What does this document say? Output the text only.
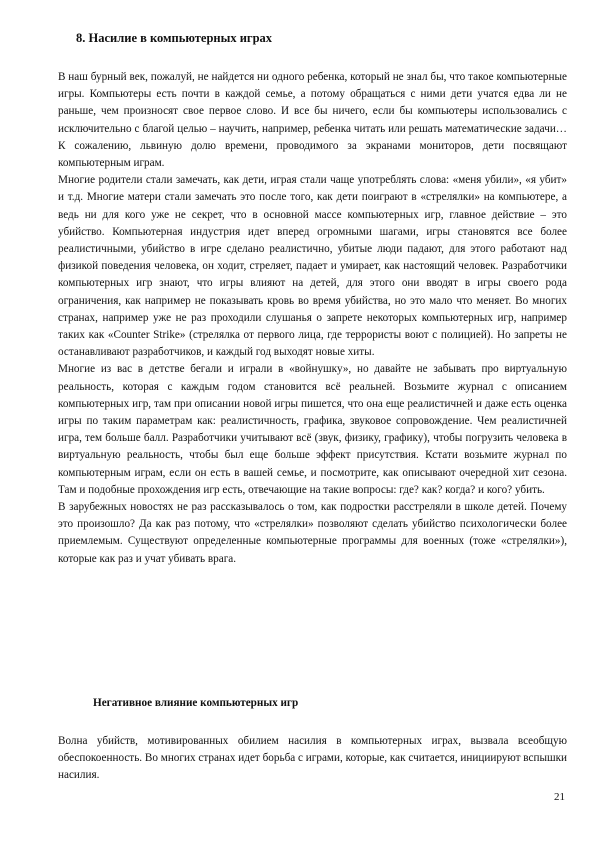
8. Насилие в компьютерных играх
В наш бурный век, пожалуй, не найдется ни одного ребенка, который не знал бы, что такое компьютерные игры. Компьютеры есть почти в каждой семье, а потому обращаться с ними дети учатся едва ли не раньше, чем произносят свое первое слово. И все бы ничего, если бы компьютеры использовались с исключительно с благой целью – научить, например, ребенка читать или решать математические задачи…К сожалению, львиную долю времени, проводимого за экранами мониторов, дети посвящают компьютерным играм.
Многие родители стали замечать, как дети, играя стали чаще употреблять слова: «меня убили», «я убит» и т.д. Многие матери стали замечать это после того, как дети поиграют в «стрелялки» на компьютере, а ведь ни для кого уже не секрет, что в основной массе компьютерных игр, главное действие – это убийство. Компьютерная индустрия идет вперед огромными шагами, игры становятся все более реалистичными, убийство в игре сделано реалистично, убитые люди падают, для этого работают над физикой поведения человека, он ходит, стреляет, падает и умирает, как настоящий человек. Разработчики компьютерных игр знают, что игры влияют на детей, для этого они вводят в игры своего рода ограничения, как например не показывать кровь во время убийства, но это мало что меняет. Во многих странах, например уже не раз проходили слушанья о запрете некоторых компьютерных игр, например таких как «Counter Strike» (стрелялка от первого лица, где террористы воют с полицией). Но запреты не останавливают разработчиков, и каждый год выходят новые хиты.
Многие из вас в детстве бегали и играли в «войнушку», но давайте не забывать про виртуальную реальность, которая с каждым годом становится всё реальней. Возьмите журнал с описанием компьютерных игр, там при описании новой игры пишется, что она еще реалистичней и даже есть оценка игры по таким параметрам как: реалистичность, графика, звуковое сопровождение. Чем реалистичней игра, тем больше балл. Разработчики учитывают всё (звук, физику, графику), чтобы погрузить человека в виртуальную реальность, чтобы был еще больше эффект присутствия. Кстати возьмите журнал по компьютерным играм, если он есть в вашей семье, и посмотрите, как описывают очередной хит сезона. Там и подобные прохождения игр есть, отвечающие на такие вопросы: где? как? когда? и кого? убить.
В зарубежных новостях не раз рассказывалось о том, как подростки расстреляли в школе детей. Почему это произошло? Да как раз потому, что «стрелялки» позволяют сделать убийство психологически более приемлемым. Существуют определенные компьютерные программы для военных (тоже «стрелялки»), которые как раз и учат убивать врага.
Негативное влияние компьютерных игр
Волна убийств, мотивированных обилием насилия в компьютерных играх, вызвала всеобщую обеспокоенность. Во многих странах идет борьба с играми, которые, как считается, инициируют вспышки насилия.
21
